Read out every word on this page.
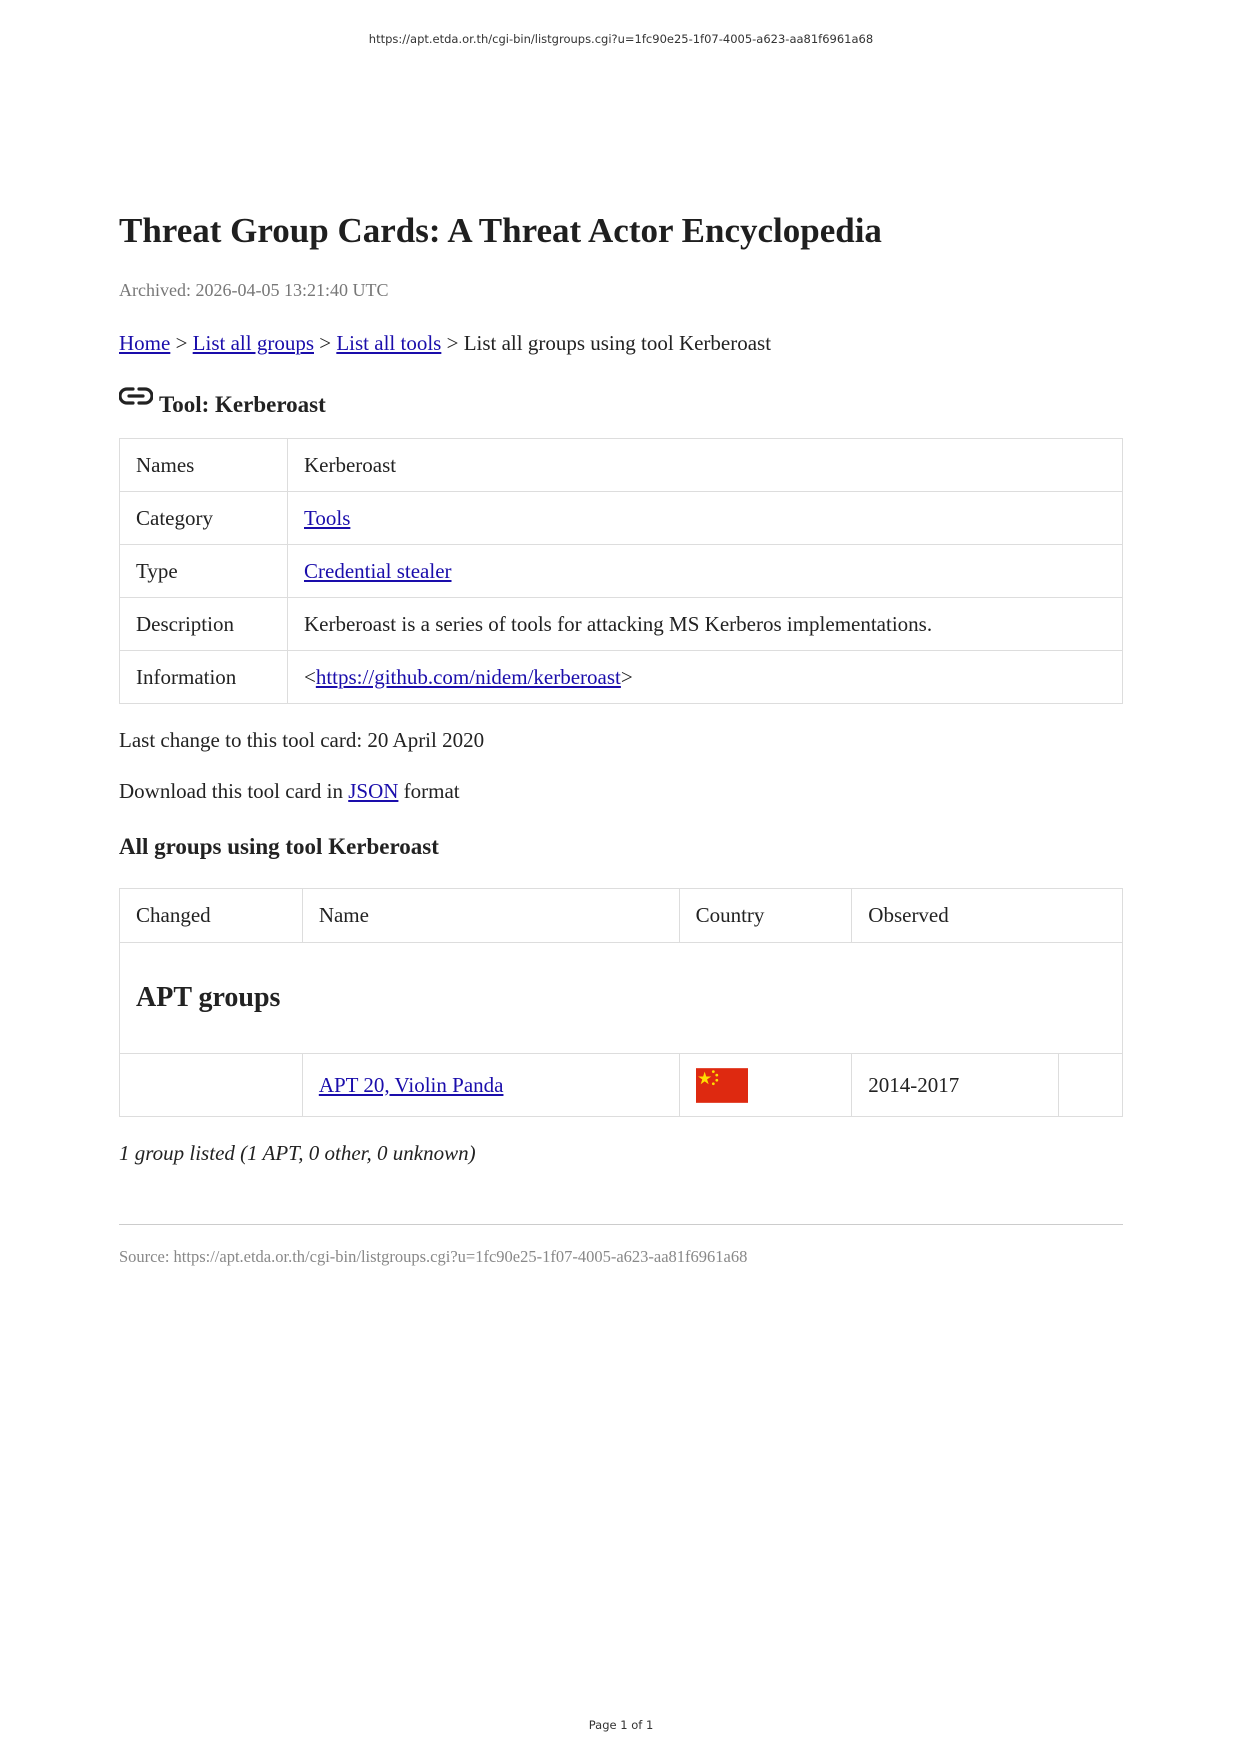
https://apt.etda.or.th/cgi-bin/listgroups.cgi?u=1fc90e25-1f07-4005-a623-aa81f6961a68
Threat Group Cards: A Threat Actor Encyclopedia
Archived: 2026-04-05 13:21:40 UTC
Home > List all groups > List all tools > List all groups using tool Kerberoast
Tool: Kerberoast
Names	Kerberoast
Category	Tools
Type	Credential stealer
Description	Kerberoast is a series of tools for attacking MS Kerberos implementations.
Information	<https://github.com/nidem/kerberoast>
Last change to this tool card: 20 April 2020
Download this tool card in JSON format
All groups using tool Kerberoast
Changed	Name	Country	Observed	
APT groups				
	APT 20, Violin Panda		2014-2017	
1 group listed (1 APT, 0 other, 0 unknown)
Source: https://apt.etda.or.th/cgi-bin/listgroups.cgi?u=1fc90e25-1f07-4005-a623-aa81f6961a68
Page 1 of 1
